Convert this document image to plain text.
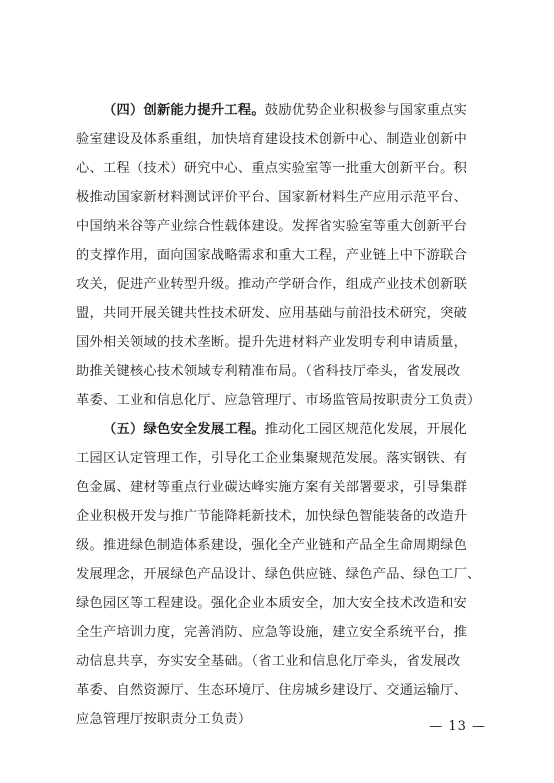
（四）创新能力提升工程。鼓励优势企业积极参与国家重点实
验室建设及体系重组，加快培育建设技术创新中心、制造业创新中
心、工程（技术）研究中心、重点实验室等一批重大创新平台。积
极推动国家新材料测试评价平台、国家新材料生产应用示范平台、
中国纳米谷等产业综合性载体建设。发挥省实验室等重大创新平台
的支撑作用，面向国家战略需求和重大工程，产业链上中下游联合
攻关，促进产业转型升级。推动产学研合作，组成产业技术创新联
盟，共同开展关键共性技术研发、应用基础与前沿技术研究，突破
国外相关领域的技术垄断。提升先进材料产业发明专利申请质量，
助推关键核心技术领域专利精准布局。（省科技厅牵头，省发展改
革委、工业和信息化厅、应急管理厅、市场监管局按职责分工负责）
（五）绿色安全发展工程。推动化工园区规范化发展，开展化
工园区认定管理工作，引导化工企业集聚规范发展。落实钢铁、有
色金属、建材等重点行业碳达峰实施方案有关部署要求，引导集群
企业积极开发与推广节能降耗新技术，加快绿色智能装备的改造升
级。推进绿色制造体系建设，强化全产业链和产品全生命周期绿色
发展理念，开展绿色产品设计、绿色供应链、绿色产品、绿色工厂、
绿色园区等工程建设。强化企业本质安全，加大安全技术改造和安
全生产培训力度，完善消防、应急等设施，建立安全系统平台，推
动信息共享，夯实安全基础。（省工业和信息化厅牵头，省发展改
革委、自然资源厅、生态环境厅、住房城乡建设厅、交通运输厅、
应急管理厅按职责分工负责）	— 13 —
